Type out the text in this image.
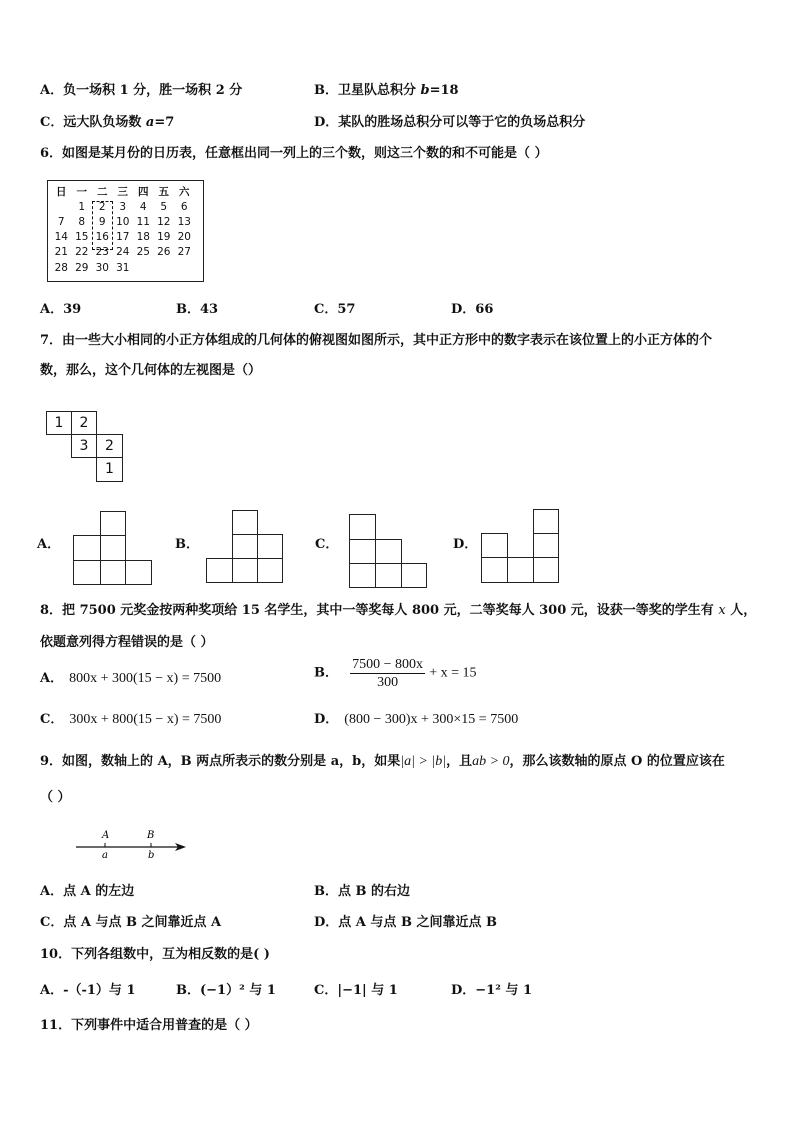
A．负一场积 1 分，胜一场积 2 分	B．卫星队总积分 b=18
C．远大队负场数 a=7	D．某队的胜场总积分可以等于它的负场总积分
6．如图是某月份的日历表，任意框出同一列上的三个数，则这三个数的和不可能是（ ）
日	一	二	三	四	五	六
	1	2	3	4	5	6
7	8	9	10	11	12	13
14	15	16	17	18	19	20
21	22	23	24	25	26	27
28	29	30	31			
A．39	B．43	C．57	D．66
7．由一些大小相同的小正方体组成的几何体的俯视图如图所示，其中正方形中的数字表示在该位置上的小正方体的个
数，那么，这个几何体的左视图是（）
1	2
3	2
1
A．	B．	C．	D．
8．把 7500 元奖金按两种奖项给 15 名学生，其中一等奖每人 800 元，二等奖每人 300 元，设获一等奖的学生有 x 人，
依题意列得方程错误的是（ ）
A． 800x + 300(15 − x) = 7500	B． $\frac{7500 - 800x}{300} + x = 15$
C． 300x + 800(15 − x) = 7500	D． (800 − 300)x + 300×15 = 7500
9．如图，数轴上的 A，B 两点所表示的数分别是 a，b，如果|a| > |b|，且ab > 0，那么该数轴的原点 O 的位置应该在
（ ）
A
a
B
b
A．点 A 的左边	B．点 B 的右边
C．点 A 与点 B 之间靠近点 A	D．点 A 与点 B 之间靠近点 B
10．下列各组数中，互为相反数的是( )
A．-（-1）与 1	B．(−1）² 与 1	C．|−1| 与 1	D．−1² 与 1
11．下列事件中适合用普查的是（ ）
